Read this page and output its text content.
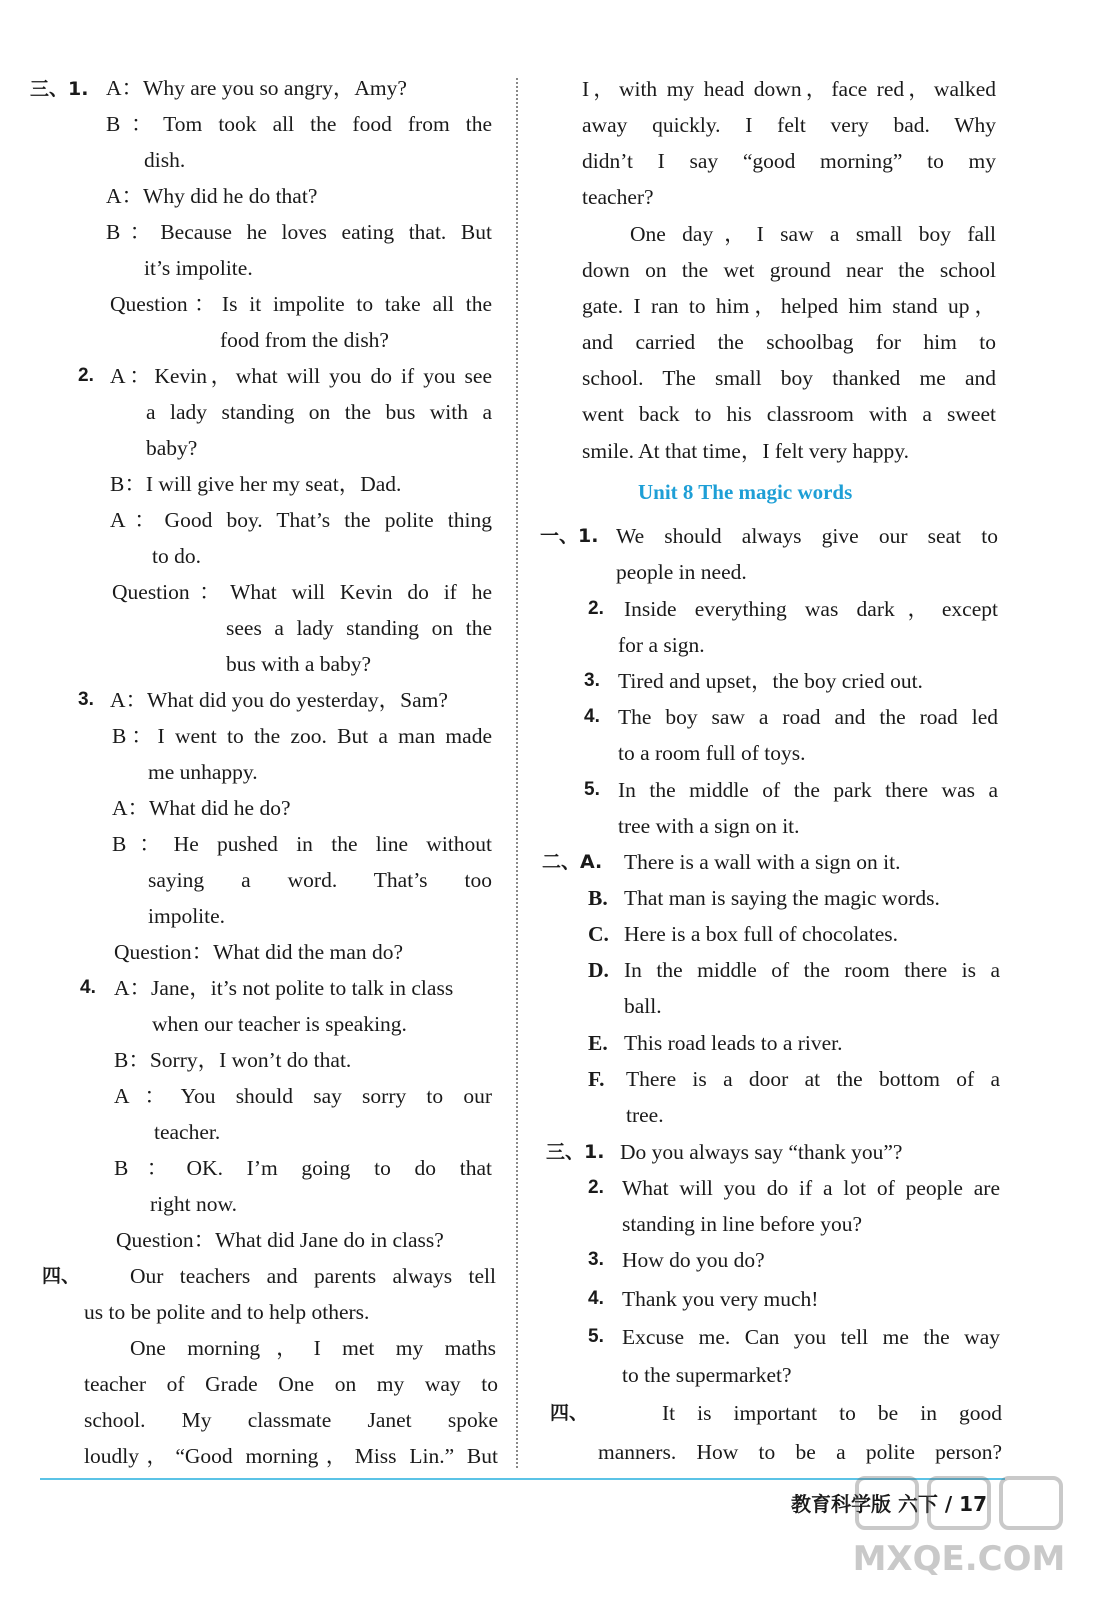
三、1. A：Why are you so angry，Amy?
B：Tom took all the food from the
dish.
A：Why did he do that?
B：Because he loves eating that. But
it’s impolite.
Question：Is it impolite to take all the
food from the dish?
2. A：Kevin，what will you do if you see
a lady standing on the bus with a
baby?
B：I will give her my seat，Dad.
A：Good boy. That’s the polite thing
to do.
Question：What will Kevin do if he
sees a lady standing on the
bus with a baby?
3. A：What did you do yesterday，Sam?
B：I went to the zoo. But a man made
me unhappy.
A：What did he do?
B：He pushed in the line without
saying a word. That’s too
impolite.
Question：What did the man do?
4. A：Jane，it’s not polite to talk in class
when our teacher is speaking.
B：Sorry，I won’t do that.
A：You should say sorry to our
teacher.
B：OK. I’m going to do that
right now.
Question：What did Jane do in class?
四、 Our teachers and parents always tell
us to be polite and to help others.
One morning，I met my maths
teacher of Grade One on my way to
school. My classmate Janet spoke
loudly，“Good morning，Miss Lin.” But
I，with my head down，face red，walked
away quickly. I felt very bad. Why
didn’t I say “good morning” to my
teacher?
One day，I saw a small boy fall
down on the wet ground near the school
gate. I ran to him，helped him stand up，
and carried the schoolbag for him to
school. The small boy thanked me and
went back to his classroom with a sweet
smile. At that time，I felt very happy.
Unit 8 The magic words
一、1. We should always give our seat to
people in need.
2. Inside everything was dark，except
for a sign.
3. Tired and upset，the boy cried out.
4. The boy saw a road and the road led
to a room full of toys.
5. In the middle of the park there was a
tree with a sign on it.
二、A. There is a wall with a sign on it.
B. That man is saying the magic words.
C. Here is a box full of chocolates.
D. In the middle of the room there is a
ball.
E. This road leads to a river.
F. There is a door at the bottom of a
tree.
三、1. Do you always say “thank you”?
2. What will you do if a lot of people are
standing in line before you?
3. How do you do?
4. Thank you very much!
5. Excuse me. Can you tell me the way
to the supermarket?
四、	It is important to be in good
manners. How to be a polite person?
教育科学版 六下 / 17
MXQE.COM
